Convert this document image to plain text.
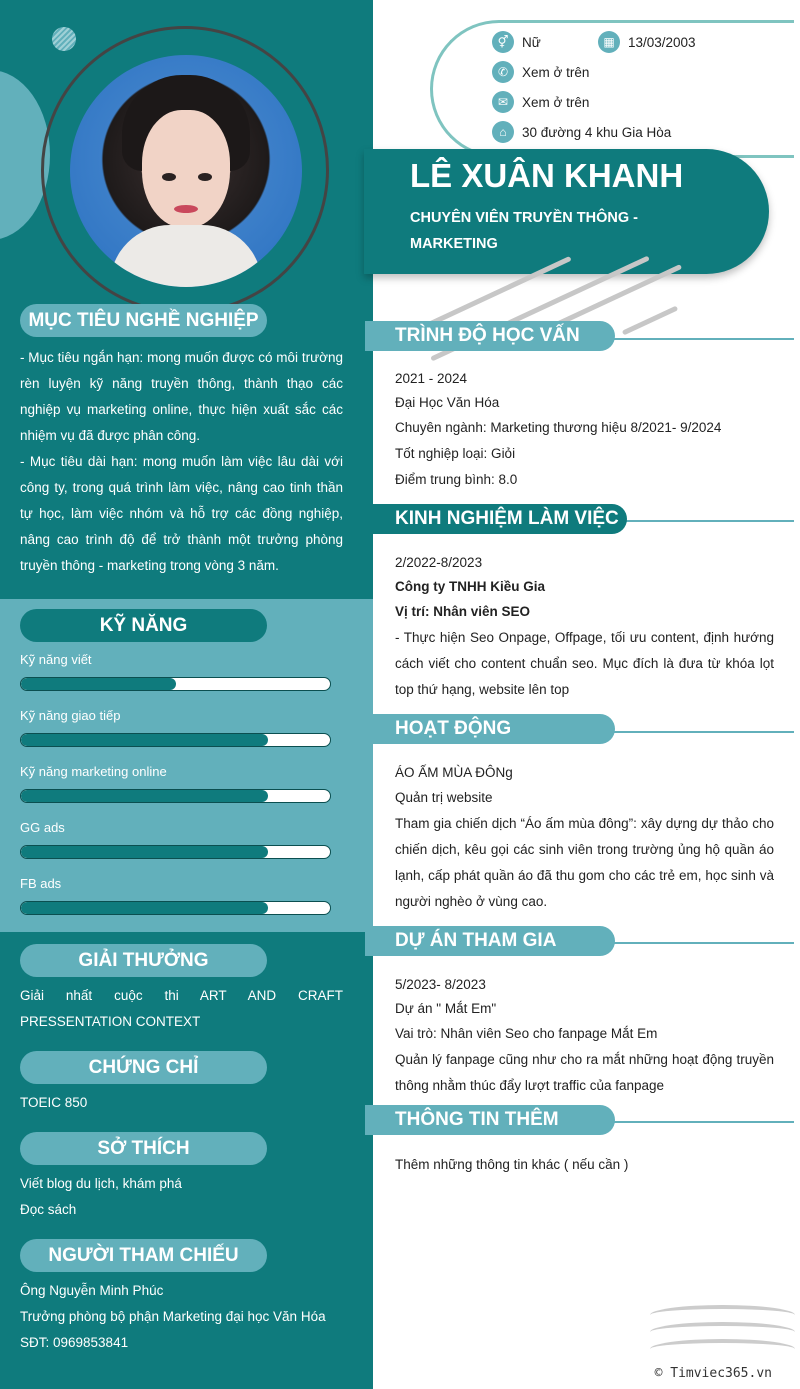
MỤC TIÊU NGHỀ NGHIỆP
- Mục tiêu ngắn hạn: mong muốn được có môi trường rèn luyện kỹ năng truyền thông, thành thạo các nghiệp vụ marketing online, thực hiện xuất sắc các nhiệm vụ đã được phân công.
- Mục tiêu dài hạn: mong muốn làm việc lâu dài với công ty, trong quá trình làm việc, nâng cao tinh thần tự học, làm việc nhóm và hỗ trợ các đồng nghiệp, nâng cao trình độ để trở thành một trưởng phòng truyền thông - marketing trong vòng 3 năm.
KỸ NĂNG
Kỹ năng viết
Kỹ năng giao tiếp
Kỹ năng marketing online
GG ads
FB ads
GIẢI THƯỞNG
Giải nhất cuộc thi ART AND CRAFT PRESSENTATION CONTEXT
CHỨNG CHỈ
TOEIC 850
SỞ THÍCH
Viết blog du lịch, khám phá
Đọc sách
NGƯỜI THAM CHIẾU
Ông Nguyễn Minh Phúc
Trưởng phòng bộ phận Marketing đại học Văn Hóa
SĐT: 0969853841
⚥	Nữ	▦ 13/03/2003
✆	Xem ở trên
✉	Xem ở trên
⌂	30 đường 4 khu Gia Hòa
LÊ XUÂN KHANH
CHUYÊN VIÊN TRUYỀN THÔNG - MARKETING
TRÌNH ĐỘ HỌC VẤN
2021 - 2024
Đại Học Văn Hóa
Chuyên ngành: Marketing thương hiệu 8/2021- 9/2024
Tốt nghiệp loại: Giỏi
Điểm trung bình: 8.0
KINH NGHIỆM LÀM VIỆC
2/2022-8/2023
Công ty TNHH Kiều Gia
Vị trí: Nhân viên SEO
- Thực hiện Seo Onpage, Offpage, tối ưu content, định hướng cách viết cho content chuẩn seo. Mục đích là đưa từ khóa lọt top thứ hạng, website lên top
HOẠT ĐỘNG
ÁO ẤM MÙA ĐÔNg
Quản trị website
Tham gia chiến dịch “Áo ấm mùa đông”: xây dựng dự thảo cho chiến dịch, kêu gọi các sinh viên trong trường ủng hộ quần áo lạnh, cấp phát quần áo đã thu gom cho các trẻ em, học sinh và người nghèo ở vùng cao.
DỰ ÁN THAM GIA
5/2023- 8/2023
Dự án " Mắt Em"
Vai trò: Nhân viên Seo cho fanpage Mắt Em
Quản lý fanpage cũng như cho ra mắt những hoạt động truyền thông nhằm thúc đẩy lượt traffic của fanpage
THÔNG TIN THÊM
Thêm những thông tin khác ( nếu cần )
© Timviec365.vn
